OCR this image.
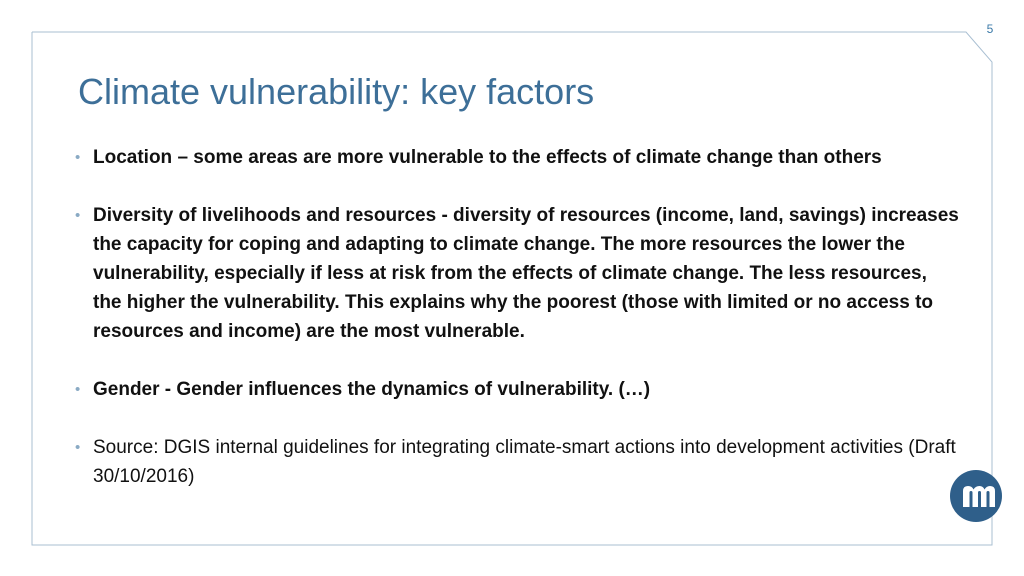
5
Climate vulnerability: key factors
• Location – some areas are more vulnerable to the effects of climate change than others
• Diversity of livelihoods and resources - diversity of resources (income, land, savings) increases the capacity for coping and adapting to climate change. The more resources the lower the vulnerability, especially if less at risk from the effects of climate change. The less resources, the higher the vulnerability. This explains why the poorest (those with limited or no access to resources and income) are the most vulnerable.
• Gender - Gender influences the dynamics of vulnerability. (…)
• Source: DGIS internal guidelines for integrating climate-smart actions into development activities (Draft 30/10/2016)
